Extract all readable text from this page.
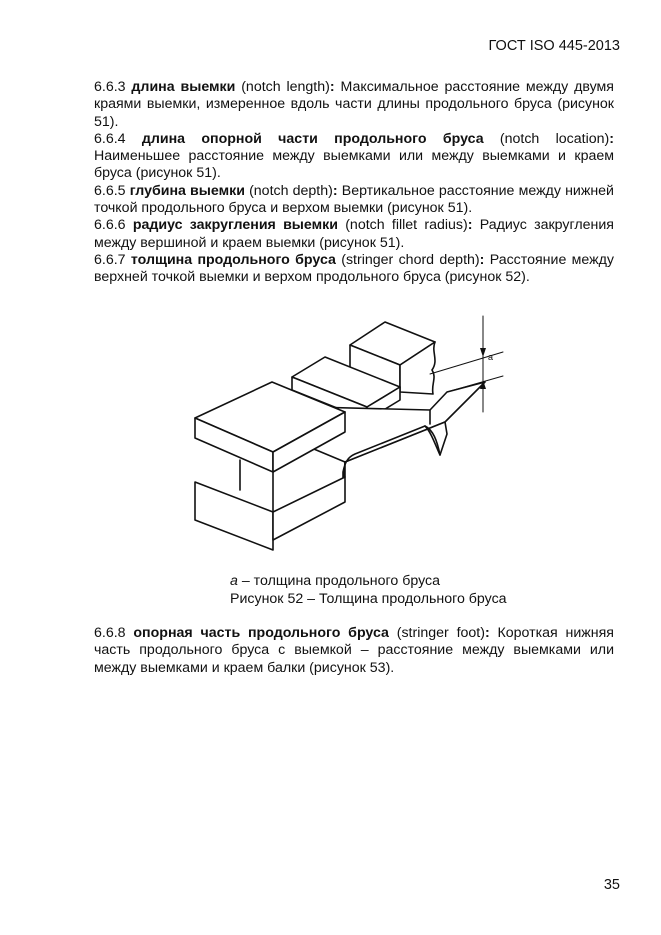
ГОСТ ISO 445-2013

6.6.3 длина выемки (notch length): Максимальное расстояние между двумя краями выемки, измеренное вдоль части длины продольного бруса (рисунок 51).

6.6.4 длина опорной части продольного бруса (notch location): Наименьшее расстояние между выемками или между выемками и краем бруса (рисунок 51).

6.6.5 глубина выемки (notch depth): Вертикальное расстояние между нижней точкой продольного бруса и верхом выемки (рисунок 51).

6.6.6 радиус закругления выемки (notch fillet radius): Радиус закругления между вершиной и краем выемки (рисунок 51).

6.6.7 толщина продольного бруса (stringer chord depth): Расстояние между верхней точкой выемки и верхом продольного бруса (рисунок 52).

a

a – толщина продольного бруса

Рисунок 52 – Толщина продольного бруса

6.6.8 опорная часть продольного бруса (stringer foot): Короткая нижняя часть продольного бруса с выемкой – расстояние между выемками или между выемками и краем балки (рисунок 53).

35
